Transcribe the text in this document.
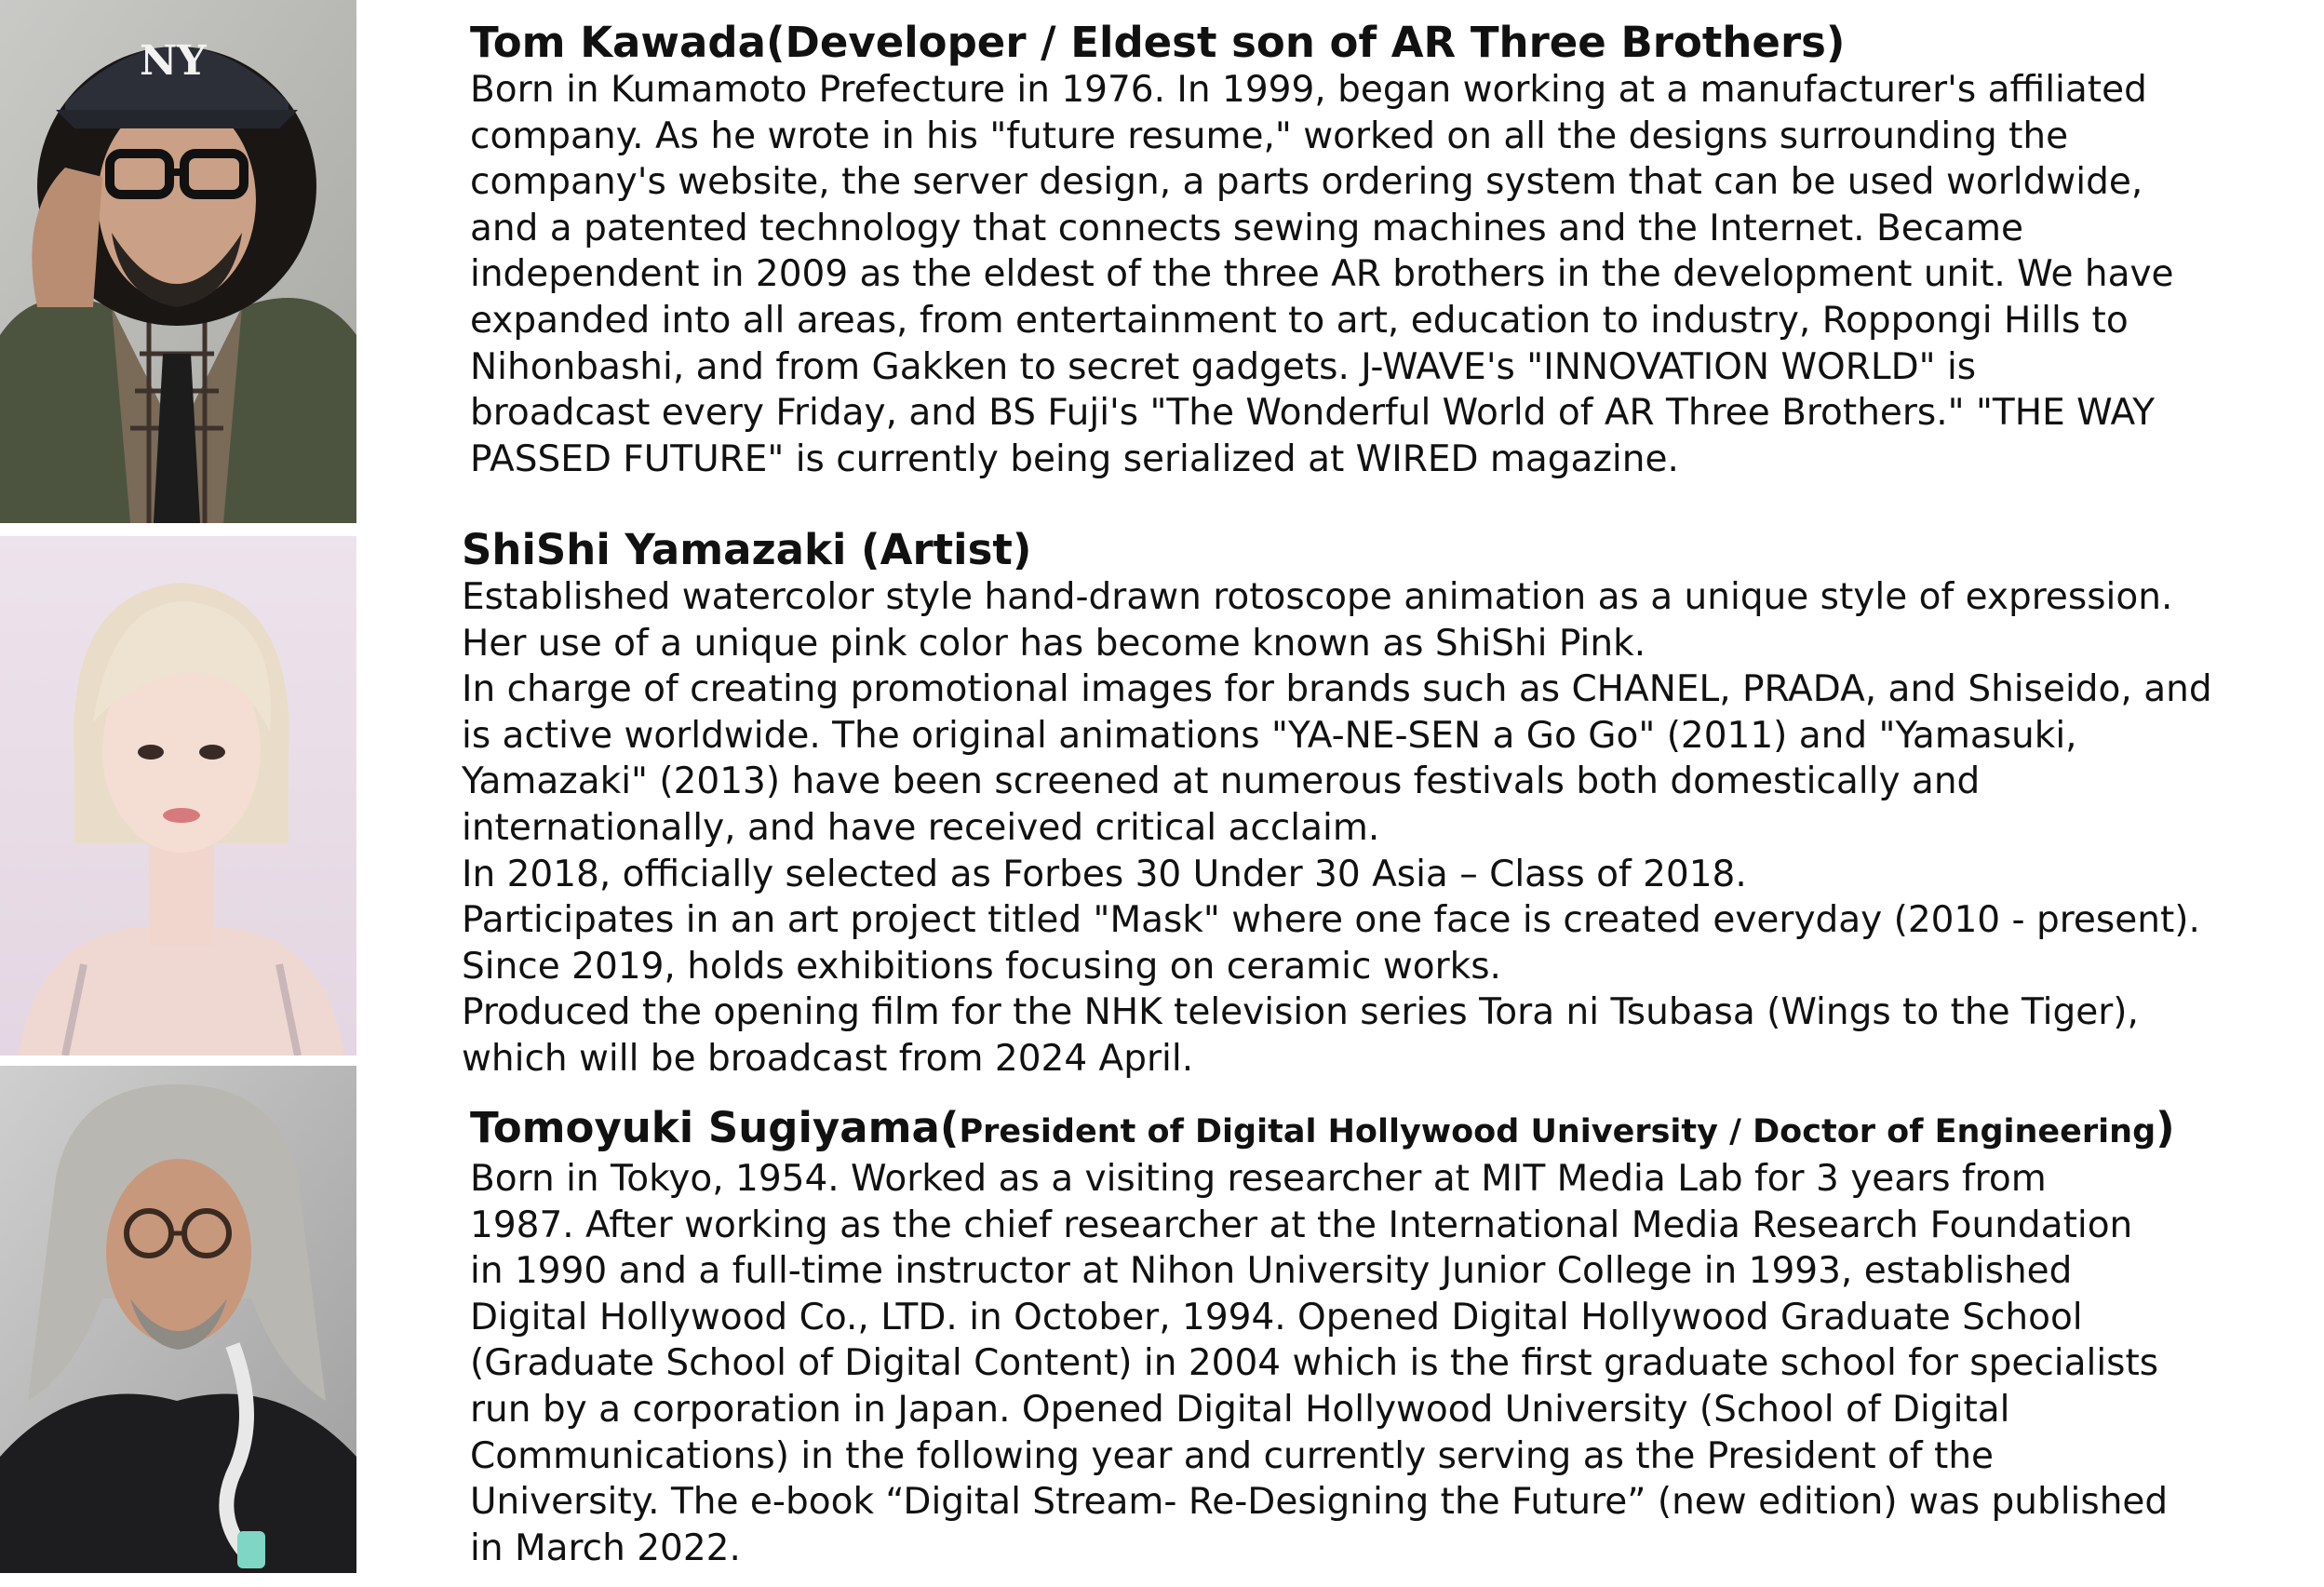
NY	Tom Kawada(Developer / Eldest son of AR Three Brothers)
Born in Kumamoto Prefecture in 1976. In 1999, began working at a manufacturer's affiliated
company. As he wrote in his "future resume," worked on all the designs surrounding the
company's website, the server design, a parts ordering system that can be used worldwide,
and a patented technology that connects sewing machines and the Internet. Became
independent in 2009 as the eldest of the three AR brothers in the development unit. We have
expanded into all areas, from entertainment to art, education to industry, Roppongi Hills to
Nihonbashi, and from Gakken to secret gadgets. J-WAVE's "INNOVATION WORLD" is
broadcast every Friday, and BS Fuji's "The Wonderful World of AR Three Brothers." "THE WAY
PASSED FUTURE" is currently being serialized at WIRED magazine.
ShiShi Yamazaki (Artist)
Established watercolor style hand-drawn rotoscope animation as a unique style of expression.
Her use of a unique pink color has become known as ShiShi Pink.
In charge of creating promotional images for brands such as CHANEL, PRADA, and Shiseido, and
is active worldwide. The original animations "YA-NE-SEN a Go Go" (2011) and "Yamasuki,
Yamazaki" (2013) have been screened at numerous festivals both domestically and
internationally, and have received critical acclaim.
In 2018, officially selected as Forbes 30 Under 30 Asia – Class of 2018.
Participates in an art project titled "Mask" where one face is created everyday (2010 - present).
Since 2019, holds exhibitions focusing on ceramic works.
Produced the opening film for the NHK television series Tora ni Tsubasa (Wings to the Tiger),
which will be broadcast from 2024 April.
Tomoyuki Sugiyama(President of Digital Hollywood University / Doctor of Engineering)
Born in Tokyo, 1954. Worked as a visiting researcher at MIT Media Lab for 3 years from
1987. After working as the chief researcher at the International Media Research Foundation
in 1990 and a full-time instructor at Nihon University Junior College in 1993, established
Digital Hollywood Co., LTD. in October, 1994. Opened Digital Hollywood Graduate School
(Graduate School of Digital Content) in 2004 which is the first graduate school for specialists
run by a corporation in Japan. Opened Digital Hollywood University (School of Digital
Communications) in the following year and currently serving as the President of the
University. The e-book “Digital Stream- Re-Designing the Future” (new edition) was published
in March 2022.
